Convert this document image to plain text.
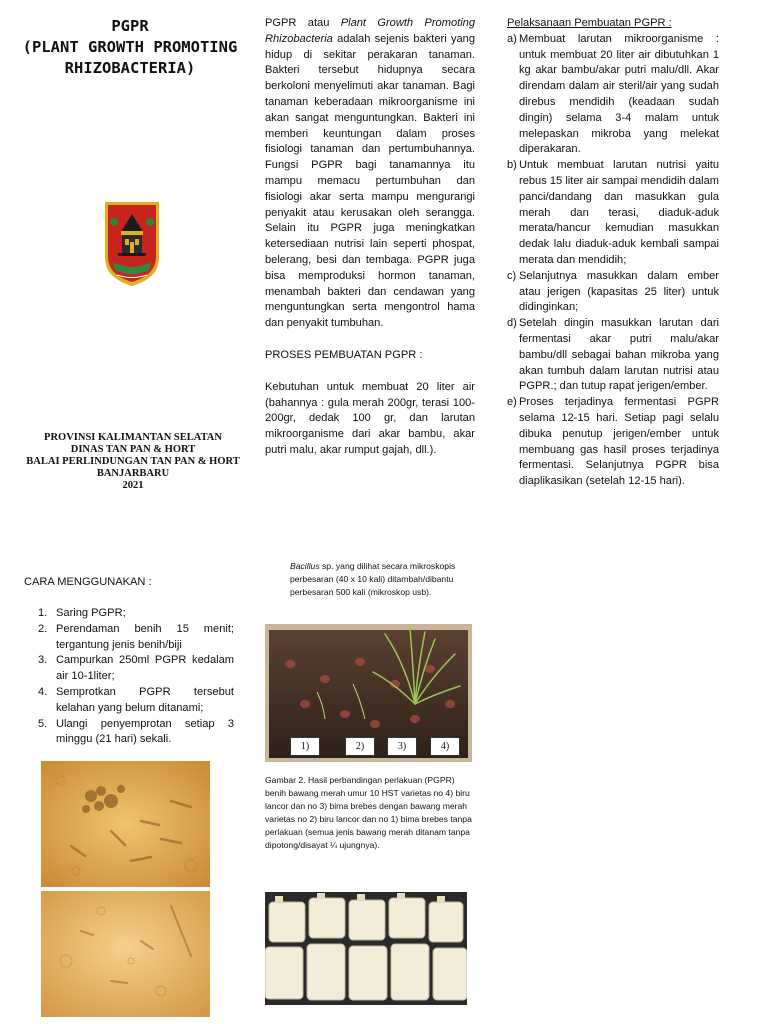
PGPR
(PLANT GROWTH PROMOTING
RHIZOBACTERIA)
PROVINSI KALIMANTAN SELATAN
DINAS TAN PAN & HORT
BALAI PERLINDUNGAN TAN PAN & HORT
BANJARBARU
2021

PGPR atau Plant Growth Promoting Rhizobacteria adalah sejenis bakteri yang hidup di sekitar perakaran tanaman. Bakteri tersebut hidupnya secara berkoloni menyelimuti akar tanaman. Bagi tanaman keberadaan mikroorganisme ini akan sangat menguntungkan. Bakteri ini memberi keuntungan dalam proses fisiologi tanaman dan pertumbuhannya. Fungsi PGPR bagi tanamannya itu mampu memacu pertumbuhan dan fisiologi akar serta mampu mengurangi penyakit atau kerusakan oleh serangga. Selain itu PGPR juga meningkatkan ketersediaan nutrisi lain seperti phospat, belerang, besi dan tembaga. PGPR juga bisa memproduksi hormon tanaman, menambah bakteri dan cendawan yang menguntungkan serta mengontrol hama dan penyakit tumbuhan.

PROSES PEMBUATAN PGPR :

Kebutuhan untuk membuat 20 liter air (bahannya : gula merah 200gr, terasi 100-200gr, dedak 100 gr, dan larutan mikroorganisme dari akar bambu, akar putri malu, akar rumput gajah, dll.).

Pelaksanaan Pembuatan PGPR :
a) Membuat larutan mikroorganisme : untuk membuat 20 liter air dibutuhkan 1 kg akar bambu/akar putri malu/dll. Akar direndam dalam air steril/air yang sudah direbus mendidih (keadaan sudah dingin) selama 3-4 malam untuk melepaskan mikroba yang melekat diperakaran.
b) Untuk membuat larutan nutrisi yaitu rebus 15 liter air sampai mendidih dalam panci/dandang dan masukkan gula merah dan terasi, diaduk-aduk merata/hancur kemudian masukkan dedak lalu diaduk-aduk kembali sampai merata dan mendidih;
c) Selanjutnya masukkan dalam ember atau jerigen (kapasitas 25 liter) untuk didinginkan;
d) Setelah dingin masukkan larutan dari fermentasi akar putri malu/akar bambu/dll sebagai bahan mikroba yang akan tumbuh dalam larutan nutrisi atau PGPR.; dan tutup rapat jerigen/ember.
e) Proses terjadinya fermentasi PGPR selama 12-15 hari. Setiap pagi selalu dibuka penutup jerigen/ember untuk membuang gas hasil proses terjadinya fermentasi. Selanjutnya PGPR bisa diaplikasikan (setelah 12-15 hari).
CARA MENGGUNAKAN :
1. Saring PGPR;
2. Perendaman benih 15 menit; tergantung jenis benih/biji
3. Campurkan 250ml PGPR kedalam air 10-1liter;
4. Semprotkan PGPR tersebut kelahan yang belum ditanami;
5. Ulangi penyemprotan setiap 3 minggu (21 hari) sekali.
Bacillus sp. yang dilihat secara mikroskopis perbesaran (40 x 10 kali) ditambah/dibantu perbesaran 500 kali (mikroskop usb).
1)	2)	3)	4)
Gambar 2. Hasil perbandingan perlakuan (PGPR) benih bawang merah umur 10 HST varietas no 4) biru lancor dan no 3) bima brebes dengan bawang merah varietas no 2) biru lancor dan no 1) bima brebes tanpa perlakuan (semua jenis bawang merah ditanam tanpa dipotong/disayat ¼ ujungnya).
